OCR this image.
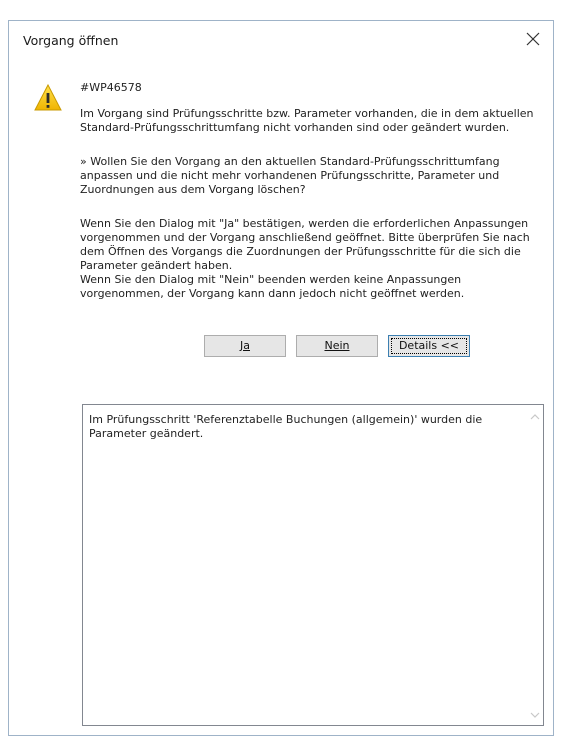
Vorgang öffnen
#WP46578
Im Vorgang sind Prüfungsschritte bzw. Parameter vorhanden, die in dem aktuellen Standard-Prüfungsschrittumfang nicht vorhanden sind oder geändert wurden.
» Wollen Sie den Vorgang an den aktuellen Standard-Prüfungsschrittumfang anpassen und die nicht mehr vorhandenen Prüfungsschritte, Parameter und Zuordnungen aus dem Vorgang löschen?
Wenn Sie den Dialog mit "Ja" bestätigen, werden die erforderlichen Anpassungen vorgenommen und der Vorgang anschließend geöffnet. Bitte überprüfen Sie nach dem Öffnen des Vorgangs die Zuordnungen der Prüfungsschritte für die sich die Parameter geändert haben.
Wenn Sie den Dialog mit "Nein" beenden werden keine Anpassungen vorgenommen, der Vorgang kann dann jedoch nicht geöffnet werden.
Ja	Nein	Details <<
Im Prüfungsschritt 'Referenztabelle Buchungen (allgemein)' wurden die Parameter geändert.
